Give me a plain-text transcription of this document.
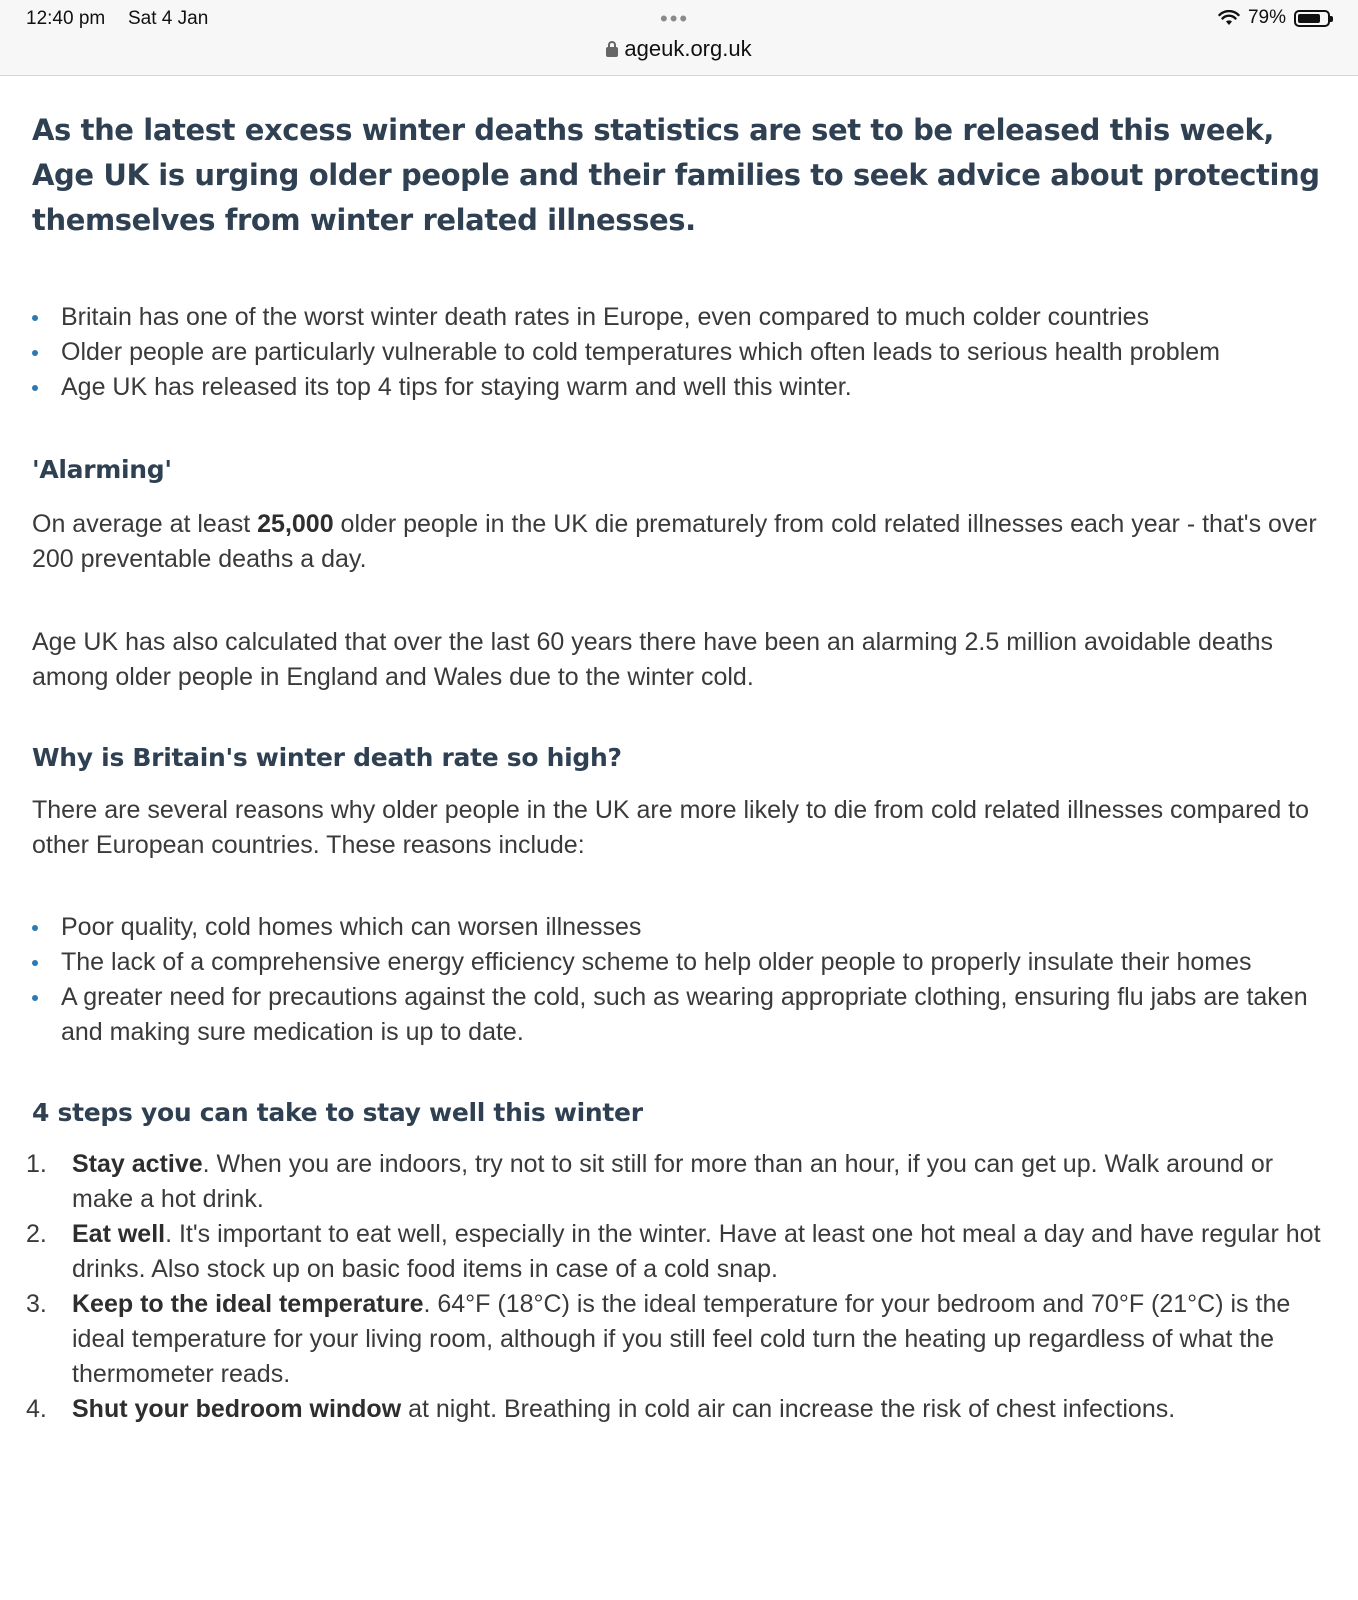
12:40 pm Sat 4 Jan	•••	79%
ageuk.org.uk

As the latest excess winter deaths statistics are set to be released this week, Age UK is urging older people and their families to seek advice about protecting themselves from winter related illnesses.

Britain has one of the worst winter death rates in Europe, even compared to much colder countries
Older people are particularly vulnerable to cold temperatures which often leads to serious health problem
Age UK has released its top 4 tips for staying warm and well this winter.
'Alarming'

On average at least 25,000 older people in the UK die prematurely from cold related illnesses each year - that's over 200 preventable deaths a day.

Age UK has also calculated that over the last 60 years there have been an alarming 2.5 million avoidable deaths among older people in England and Wales due to the winter cold.

Why is Britain's winter death rate so high?

There are several reasons why older people in the UK are more likely to die from cold related illnesses compared to other European countries. These reasons include:

Poor quality, cold homes which can worsen illnesses
The lack of a comprehensive energy efficiency scheme to help older people to properly insulate their homes
A greater need for precautions against the cold, such as wearing appropriate clothing, ensuring flu jabs are taken and making sure medication is up to date.
4 steps you can take to stay well this winter
1.	Stay active. When you are indoors, try not to sit still for more than an hour, if you can get up. Walk around or make a hot drink.
2.	Eat well. It's important to eat well, especially in the winter. Have at least one hot meal a day and have regular hot drinks. Also stock up on basic food items in case of a cold snap.
3.	Keep to the ideal temperature. 64°F (18°C) is the ideal temperature for your bedroom and 70°F (21°C) is the ideal temperature for your living room, although if you still feel cold turn the heating up regardless of what the thermometer reads.
4.	Shut your bedroom window at night. Breathing in cold air can increase the risk of chest infections.
